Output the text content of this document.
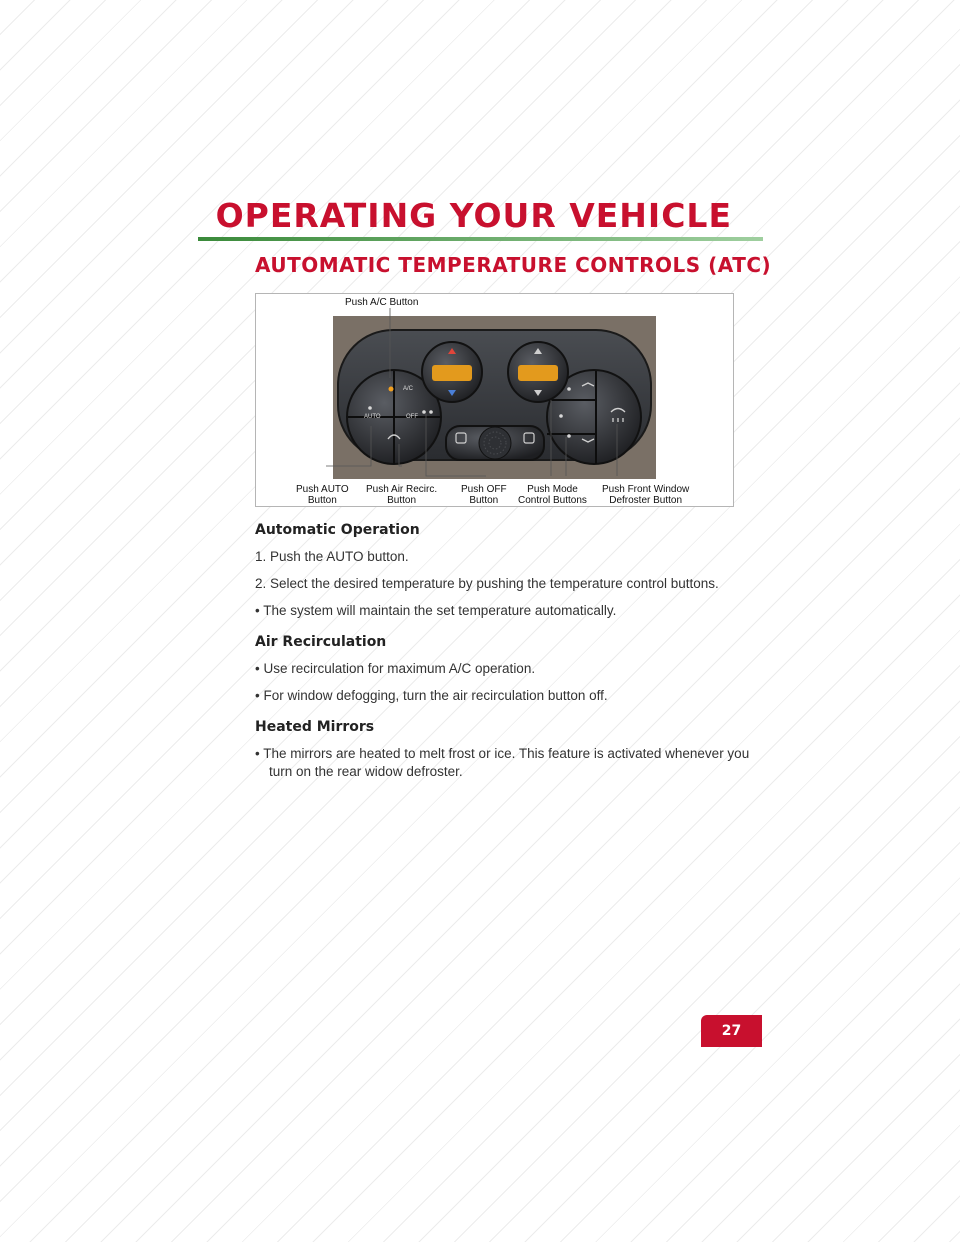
OPERATING YOUR VEHICLE
AUTOMATIC TEMPERATURE CONTROLS (ATC)
A/C
AUTO	OFF
Push A/C Button
Push AUTO
Button
Push Air Recirc.
Button
Push OFF
Button
Push Mode
Control Buttons
Push Front Window
Defroster Button
Automatic Operation

1. Push the AUTO button.

2. Select the desired temperature by pushing the temperature control buttons.

• The system will maintain the set temperature automatically.

Air Recirculation

• Use recirculation for maximum A/C operation.

• For window defogging, turn the air recirculation button off.

Heated Mirrors

• The mirrors are heated to melt frost or ice. This feature is activated whenever you turn on the rear widow defroster.

27
